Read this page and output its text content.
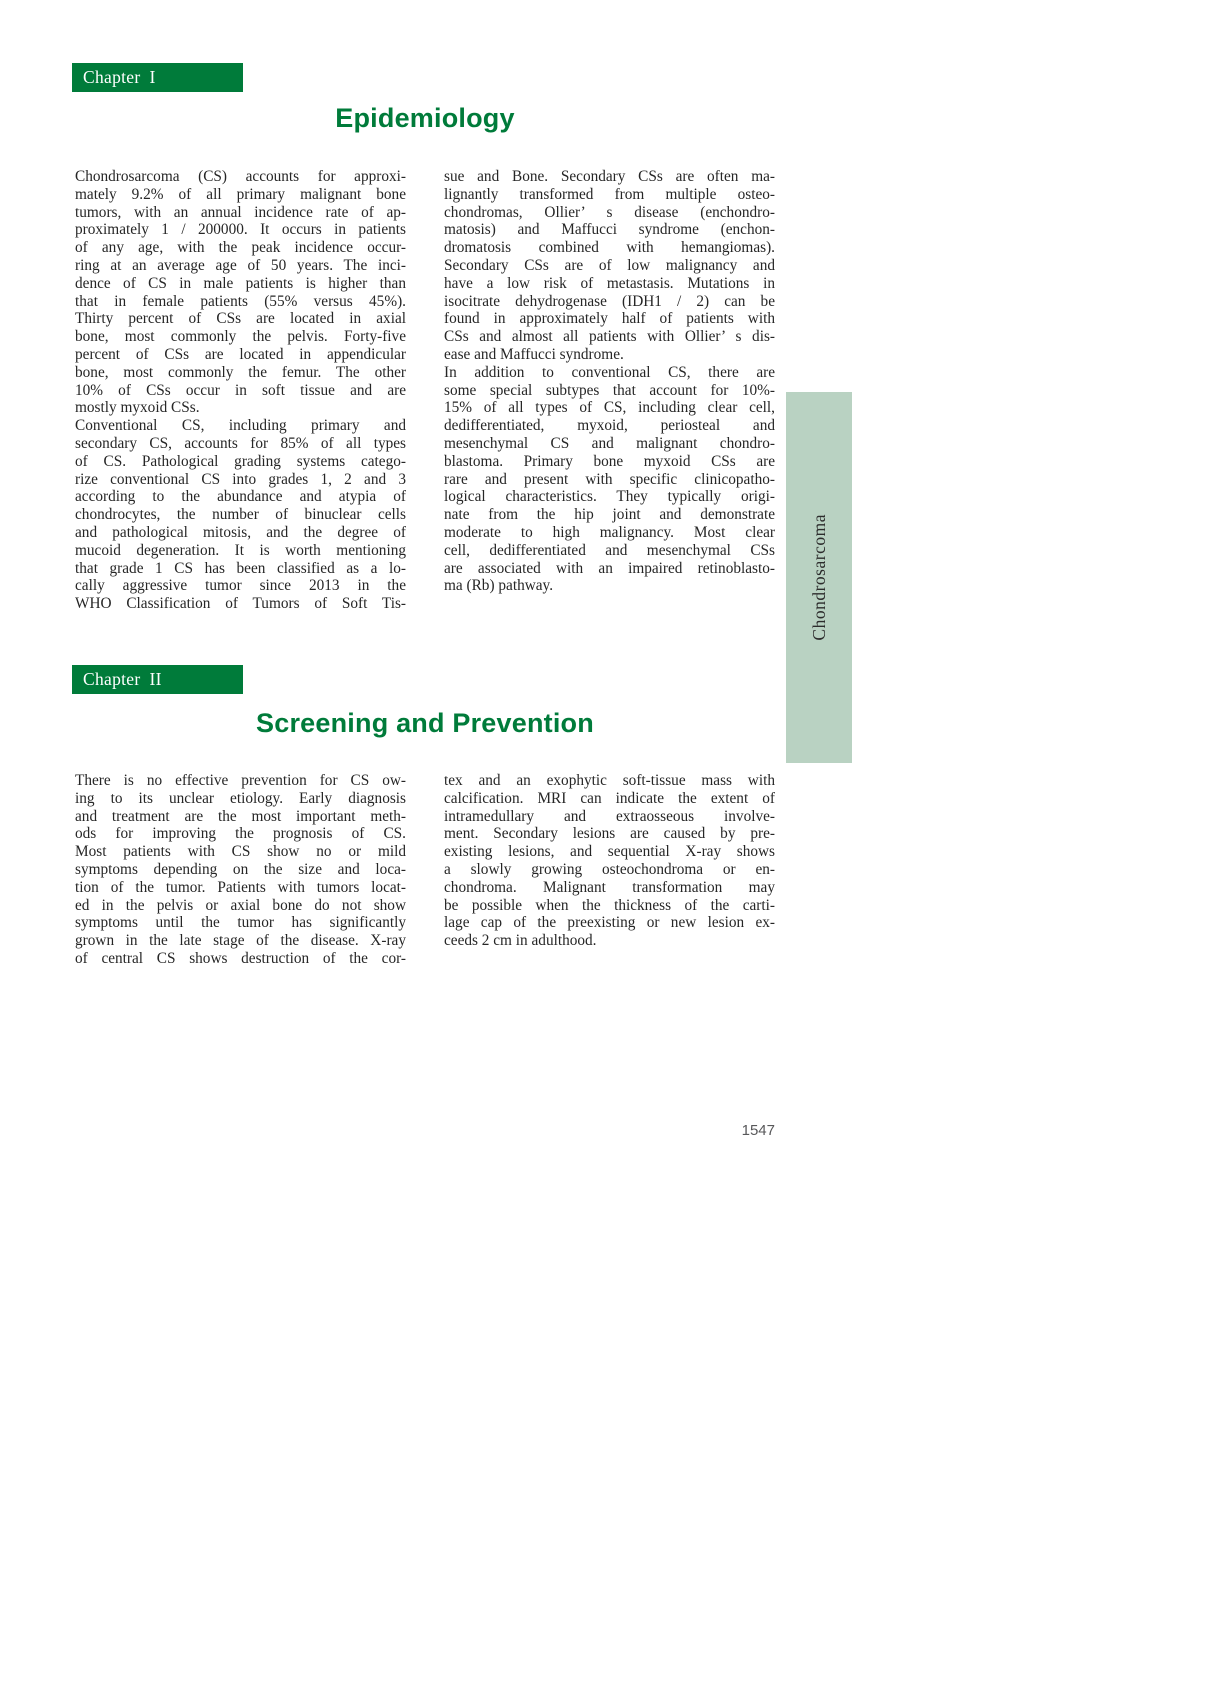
Chapter I
Epidemiology
Chondrosarcoma (CS) accounts for approxi-
mately 9.2% of all primary malignant bone
tumors, with an annual incidence rate of ap-
proximately 1 / 200000. It occurs in patients
of any age, with the peak incidence occur-
ring at an average age of 50 years. The inci-
dence of CS in male patients is higher than
that in female patients (55% versus 45%).
Thirty percent of CSs are located in axial
bone, most commonly the pelvis. Forty-five
percent of CSs are located in appendicular
bone, most commonly the femur. The other
10% of CSs occur in soft tissue and are
mostly myxoid CSs.
Conventional CS, including primary and
secondary CS, accounts for 85% of all types
of CS. Pathological grading systems catego-
rize conventional CS into grades 1, 2 and 3
according to the abundance and atypia of
chondrocytes, the number of binuclear cells
and pathological mitosis, and the degree of
mucoid degeneration. It is worth mentioning
that grade 1 CS has been classified as a lo-
cally aggressive tumor since 2013 in the
WHO Classification of Tumors of Soft Tis-
sue and Bone. Secondary CSs are often ma-
lignantly transformed from multiple osteo-
chondromas, Ollier’ s disease (enchondro-
matosis) and Maffucci syndrome (enchon-
dromatosis combined with hemangiomas).
Secondary CSs are of low malignancy and
have a low risk of metastasis. Mutations in
isocitrate dehydrogenase (IDH1 / 2) can be
found in approximately half of patients with
CSs and almost all patients with Ollier’ s dis-
ease and Maffucci syndrome.
In addition to conventional CS, there are
some special subtypes that account for 10%-
15% of all types of CS, including clear cell,
dedifferentiated, myxoid, periosteal and
mesenchymal CS and malignant chondro-
blastoma. Primary bone myxoid CSs are
rare and present with specific clinicopatho-
logical characteristics. They typically origi-
nate from the hip joint and demonstrate
moderate to high malignancy. Most clear
cell, dedifferentiated and mesenchymal CSs
are associated with an impaired retinoblasto-
ma (Rb) pathway.	Chondrosarcoma
Chapter II
Screening and Prevention
There is no effective prevention for CS ow-
ing to its unclear etiology. Early diagnosis
and treatment are the most important meth-
ods for improving the prognosis of CS.
Most patients with CS show no or mild
symptoms depending on the size and loca-
tion of the tumor. Patients with tumors locat-
ed in the pelvis or axial bone do not show
symptoms until the tumor has significantly
grown in the late stage of the disease. X-ray
of central CS shows destruction of the cor-
tex and an exophytic soft-tissue mass with
calcification. MRI can indicate the extent of
intramedullary and extraosseous involve-
ment. Secondary lesions are caused by pre-
existing lesions, and sequential X-ray shows
a slowly growing osteochondroma or en-
chondroma. Malignant transformation may
be possible when the thickness of the carti-
lage cap of the preexisting or new lesion ex-
ceeds 2 cm in adulthood.
1547
